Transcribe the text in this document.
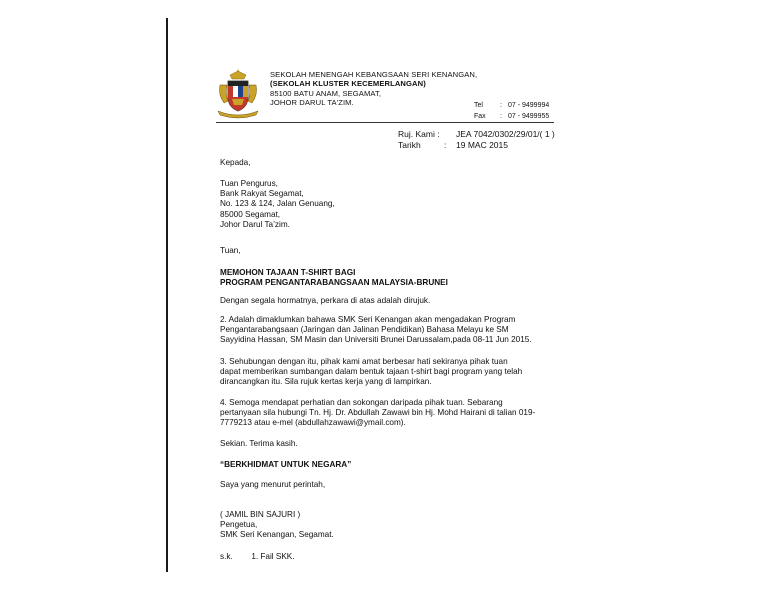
SEKOLAH MENENGAH KEBANGSAAN SERI KENANGAN,
(SEKOLAH KLUSTER KECEMERLANGAN)
85100 BATU ANAM, SEGAMAT,
JOHOR DARUL TA'ZIM.	Tel	: 07 - 9499994
Fax	: 07 - 9499955
Ruj. Kami :	JEA 7042/0302/29/01/( 1 )
Tarikh	:	19 MAC 2015
Kepada,
Tuan Pengurus,
Bank Rakyat Segamat,
No. 123 & 124, Jalan Genuang,
85000 Segamat,
Johor Darul Ta’zim.
Tuan,
MEMOHON TAJAAN T-SHIRT BAGI
PROGRAM PENGANTARABANGSAAN MALAYSIA-BRUNEI
Dengan segala hormatnya, perkara di atas adalah dirujuk.
2. Adalah dimaklumkan bahawa SMK Seri Kenangan akan mengadakan Program
Pengantarabangsaan (Jaringan dan Jalinan Pendidikan) Bahasa Melayu ke SM
Sayyidina Hassan, SM Masin dan Universiti Brunei Darussalam,pada 08-11 Jun 2015.
3. Sehubungan dengan itu, pihak kami amat berbesar hati sekiranya pihak tuan
dapat memberikan sumbangan dalam bentuk tajaan t-shirt bagi program yang telah
dirancangkan itu. Sila rujuk kertas kerja yang di lampirkan.
4. Semoga mendapat perhatian dan sokongan daripada pihak tuan. Sebarang
pertanyaan sila hubungi Tn. Hj. Dr. Abdullah Zawawi bin Hj. Mohd Hairani di talian 019-
7779213 atau e-mel (abdullahzawawi@ymail.com).
Sekian. Terima kasih.
“BERKHIDMAT UNTUK NEGARA”
Saya yang menurut perintah,
( JAMIL BIN SAJURI )
Pengetua,
SMK Seri Kenangan, Segamat.
s.k. 1. Fail SKK.
